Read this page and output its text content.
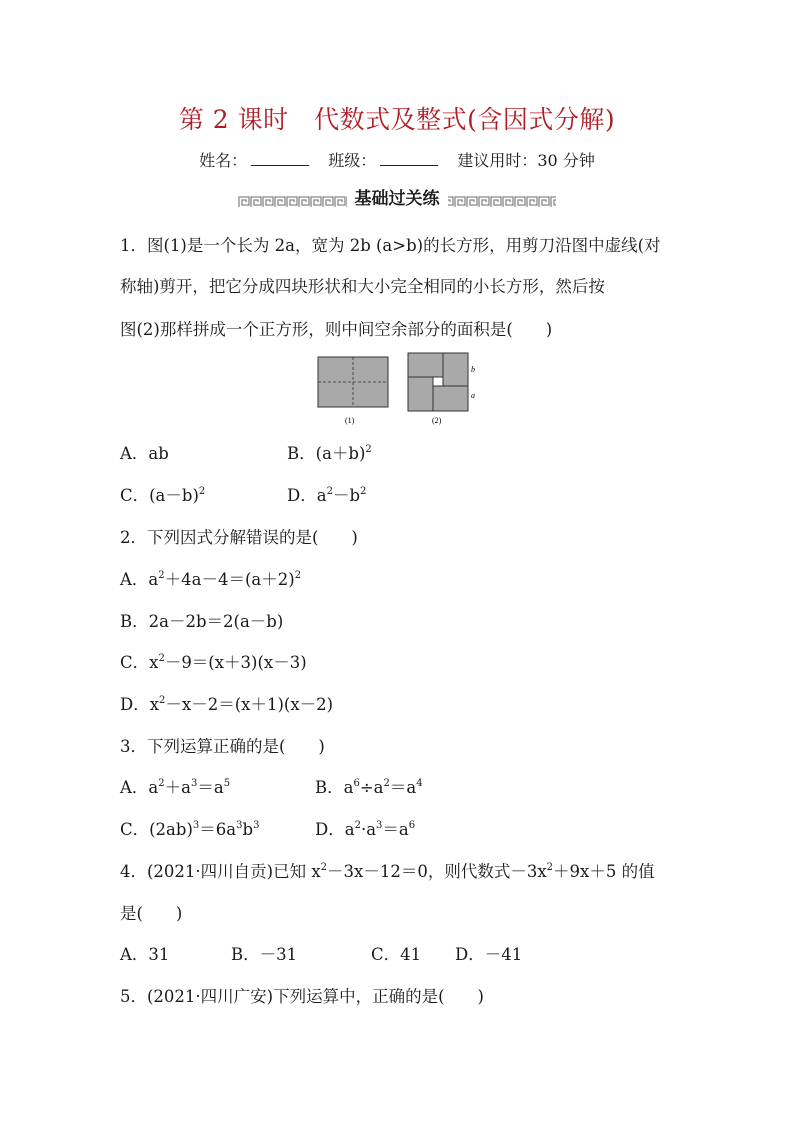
第 2 课时　代数式及整式(含因式分解)
姓名：	班级：	建议用时：30 分钟
基础过关练
1．图(1)是一个长为 2a，宽为 2b (a>b)的长方形，用剪刀沿图中虚线(对
称轴)剪开，把它分成四块形状和大小完全相同的小长方形，然后按
图(2)那样拼成一个正方形，则中间空余部分的面积是(　　)
b
a
(1)	(2)
A．ab	B．$(a+b)^2$
C．$(a-b)^2$	D．$a^2-b^2$
2．下列因式分解错误的是(　　)
A．$a^2+4a-4=(a+2)^2$
B．2a－2b＝2(a－b)
C．$x^2-9=(x+3)(x-3)$
D．$x^2-x-2=(x+1)(x-2)$
3．下列运算正确的是(　　)
A．$a^2+a^3=a^5$	B．$a^6\div a^2=a^4$
C．$(2ab)^3=6a^3b^3$	D．$a^2\cdot a^3=a^6$
4．(2021·四川自贡)已知 $x^2-3x-12=0$，则代数式$-3x^2+9x+5$ 的值
是(　　)
A．31	B．－31	C．41 D．－41
5．(2021·四川广安)下列运算中，正确的是(　　)
